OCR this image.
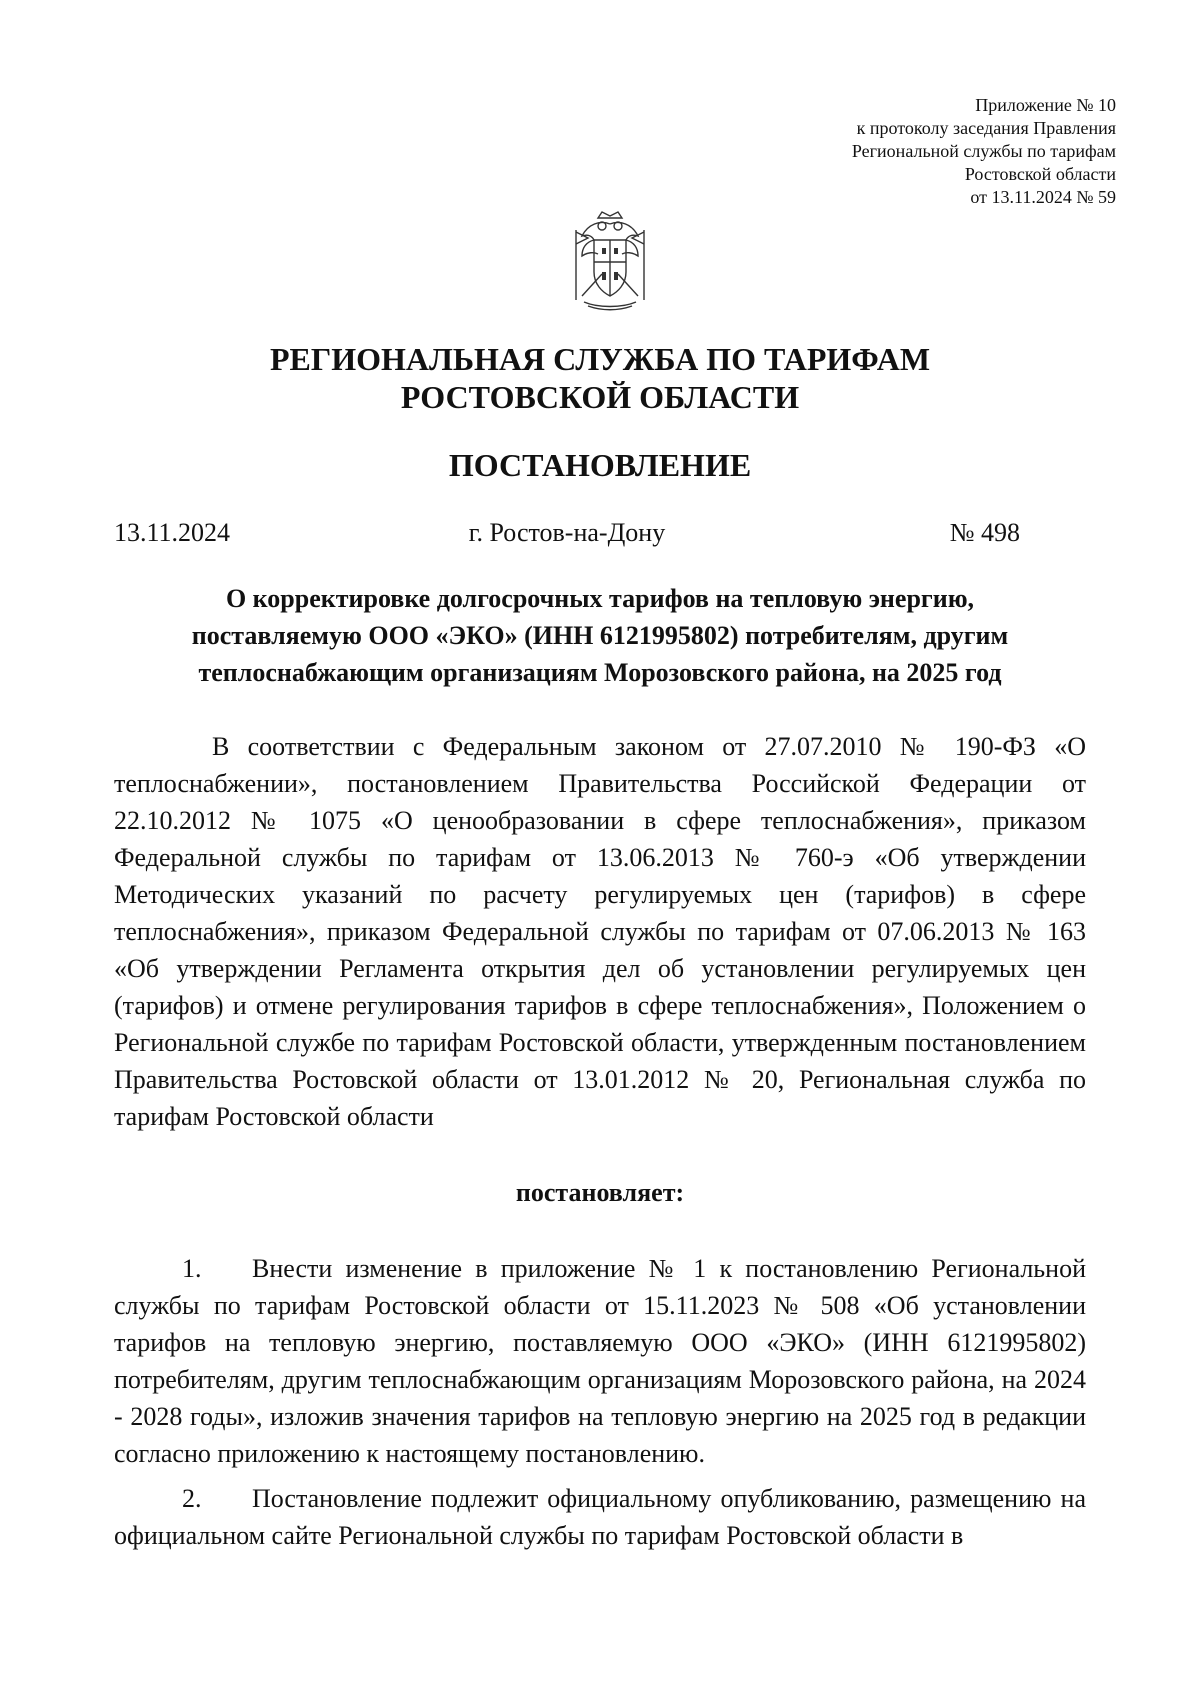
Приложение № 10
к протоколу заседания Правления
Региональной службы по тарифам
Ростовской области
от 13.11.2024 № 59
РЕГИОНАЛЬНАЯ СЛУЖБА ПО ТАРИФАМ
РОСТОВСКОЙ ОБЛАСТИ
ПОСТАНОВЛЕНИЕ
13.11.2024	г. Ростов-на-Дону	№ 498
О корректировке долгосрочных тарифов на тепловую энергию,
поставляемую ООО «ЭКО» (ИНН 6121995802) потребителям, другим
теплоснабжающим организациям Морозовского района, на 2025 год

В соответствии с Федеральным законом от 27.07.2010 № 190-ФЗ «О теплоснабжении», постановлением Правительства Российской Федерации от 22.10.2012 № 1075 «О ценообразовании в сфере теплоснабжения», приказом Федеральной службы по тарифам от 13.06.2013 № 760-э «Об утверждении Методических указаний по расчету регулируемых цен (тарифов) в сфере теплоснабжения», приказом Федеральной службы по тарифам от 07.06.2013 № 163 «Об утверждении Регламента открытия дел об установлении регулируемых цен (тарифов) и отмене регулирования тарифов в сфере теплоснабжения», Положением о Региональной службе по тарифам Ростовской области, утвержденным постановлением Правительства Ростовской области от 13.01.2012 № 20, Региональная служба по тарифам Ростовской области

постановляет:

1. Внести изменение в приложение № 1 к постановлению Региональной службы по тарифам Ростовской области от 15.11.2023 № 508 «Об установлении тарифов на тепловую энергию, поставляемую ООО «ЭКО» (ИНН 6121995802) потребителям, другим теплоснабжающим организациям Морозовского района, на 2024 - 2028 годы», изложив значения тарифов на тепловую энергию на 2025 год в редакции согласно приложению к настоящему постановлению.

2. Постановление подлежит официальному опубликованию, размещению на официальном сайте Региональной службы по тарифам Ростовской области в
